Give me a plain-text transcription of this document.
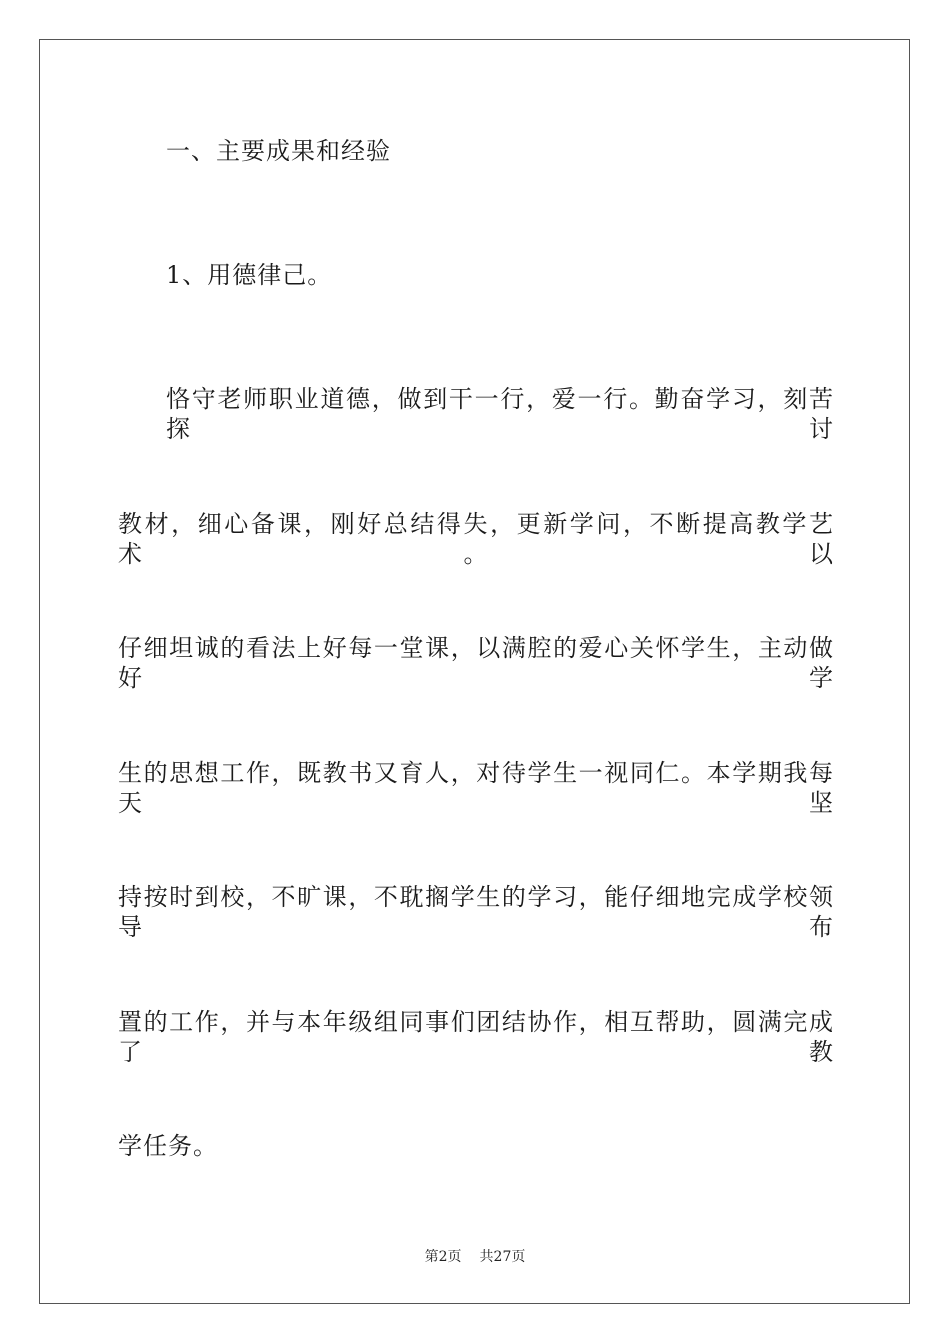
一、主要成果和经验
1、用德律己。
恪守老师职业道德，做到干一行，爱一行。勤奋学习，刻苦探讨
教材，细心备课，刚好总结得失，更新学问，不断提高教学艺术。以
仔细坦诚的看法上好每一堂课，以满腔的爱心关怀学生，主动做好学
生的思想工作，既教书又育人，对待学生一视同仁。本学期我每天坚
持按时到校，不旷课，不耽搁学生的学习，能仔细地完成学校领导布
置的工作，并与本年级组同事们团结协作，相互帮助，圆满完成了教
学任务。
第2页 共27页
